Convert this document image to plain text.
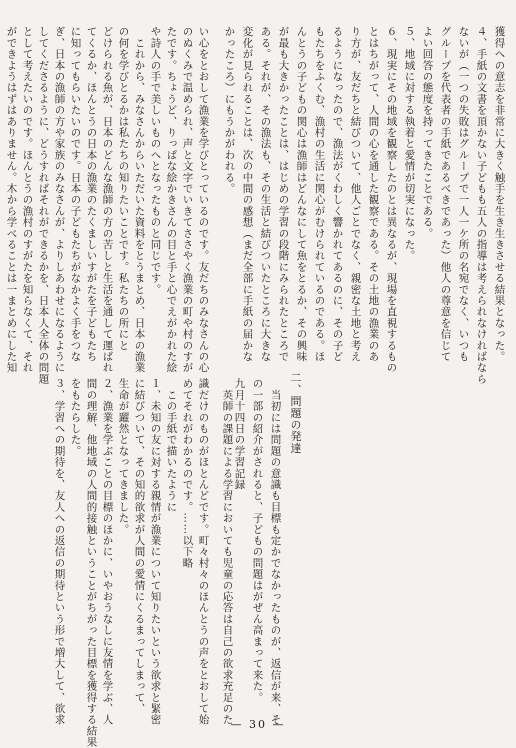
獲得への意志を非常に大きく触手を生き生きさせる結果となった。
４、手紙の文書を頂かない子どもも五人の指導は考えられなければなら
ないが（一つの失敗はグループで一人一ケ所の名宛でなく、いつも
グループを代表者の手紙であるべきであった）他人の尊意を信じて
よい回答の態度を持ってきたことである。
５、地域に対する執着と愛情が切実になった。
６、現実にその地域を観察したのとは異なるが、現場を直視するもの
とはちがって、人間の心を通した観察である。その土地の漁業のあ
り方が、友だちと結びついて、他人ごとでなく、親密な土地と考え
るようになったので、漁法がくわしく響かれてあるのに、その子ど
もたちをふくむ、漁村の生活に関心がむけられているのである。ほ
んとうの子どもの関心は漁師はどんなにして魚をとるか、その興味
が最も大きかったことは、はじめの学習の段階にみられたところで
ある。それが、その漁法も、その生活と結びついたところに大きな
変化が見られることは、次の中間の感想（まだ全部に手紙の届かな
かったころ）にもうかがわれる。
い心をとおして漁業を学びとっているのです。友だちのみなさんの心
のぬくみで温められ、声と文字でいきてささやく漁業の町や村のすが
たです。ちょうど、りっぱな絵かきさんの目と手と心でえがかれた絵
や詩人の手で美しいものへとなったものと同じです。
　これから、みなさんからいただいた資料をとうまとめ、日本の漁業
の何を学びとるかは私たちの知りたいことです。私たちの所にと
どけられる魚が、日本のどんな漁師の方の苦しと生活を通して運ばれ
てくるか、ほんとうの日本の漁業のたくましいすがたを子どもたち
に知ってもらいたいのです。日本の子どもたちがなかよく手をつな
ぎ、日本の漁師の方や家族のみなさんが、よりしあわせになるように
してくださるように、どうすればそれができるかを、日本人全体の問題
として考えたいのです。ほんとうの漁村のすがたを知らなくて、それ
ができようはずはありません。木から学べることは一まとめにした知
識だけのものがほとんどです。町々村々のほんとうの声をとおして始
めてそれがわかるのです。……以下略
　この手紙で描いたように
１、未知の友に対する親情が漁業について知りたいという欲求と緊密
に結びついて、その知的欲求が人間の愛情にくるまってしまって、
生命が躍然となってきました。
２、漁業を学ぶことの目標のほかに、いやおうなしに友情を学ぶ、人
間の理解、他地域の人間的接触ということがちがった目標を獲得する結果
をもたらした。
３、学習への期待を、友人への返信の期待という形で増大して、欲求	二、問題の発達
　当初には問題の意識も目標も定かでなかったものが、返信が来、そ
の一部の紹介がされると、子どもの問題はがぜん高まって来た。
九月十四日の学習記録
　英師の課題による学習においても児童の応答は自己の欲求充足のた
— 30 —
